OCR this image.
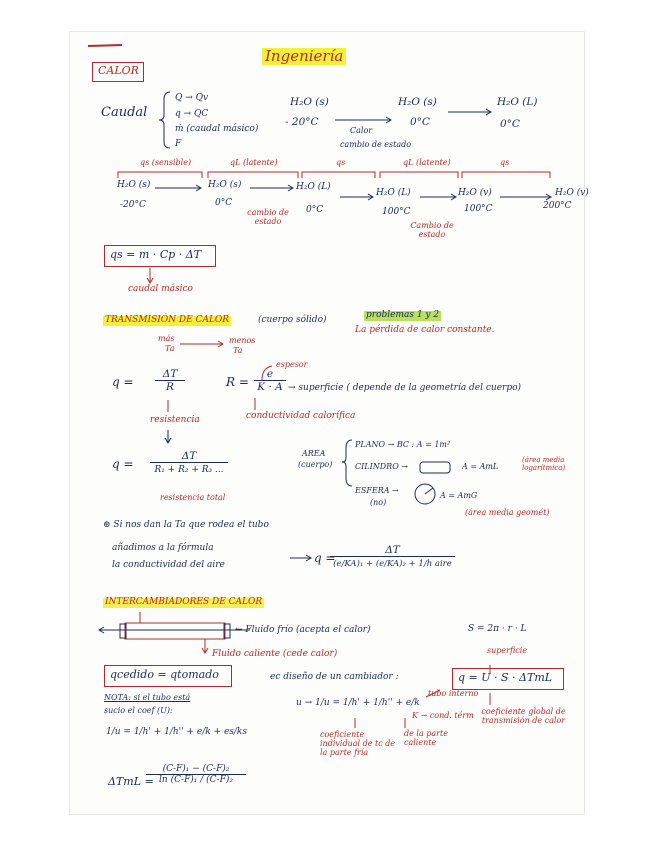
Ingeniería
CALOR
Caudal
Q → Qv
q → QC
ṁ (caudal másico)
F
H₂O (s)
- 20°C
H₂O (s)
0°C
H₂O (L)
0°C
Calor
cambio de estado
qs (sensible)	qL (latente)	qs	qL (latente)	qs
H₂O (s)
-20°C
H₂O (s)
0°C
H₂O (L)
0°C
H₂O (L)
100°C
H₂O (v)
100°C
H₂O (v)
200°C
cambio de estado	Cambio de estado
qs = m · Cp · ΔT
caudal másico
TRANSMISIÓN DE CALOR	(cuerpo sólido)	problemas 1 y 2
La pérdida de calor constante.
más
Ta
menos
Ta
$q = \frac{\Delta T}{R}$	$R = \frac{e}{K \cdot A}$
espesor
→ superficie ( depende de la geometría del cuerpo)
conductividad calorífica
resistencia
$q = \frac{\Delta T}{\text{R₁ + R₂ + R₃ ...}}$
resistencia total
AREA
(cuerpo)
PLANO → BC : A = 1m²
CILINDRO →	A = AmL
(área media logarítmica)
ESFERA →
(no)
A = AmG
(área media geomét)
⊛ Si nos dan la Ta que rodea el tubo
añadimos a la fórmula
la conductividad del aire	q =
ΔT
(e/KA)₁ + (e/KA)₂ + 1/h aire
INTERCAMBIADORES DE CALOR
← Fluido frío (acepta el calor)	S = 2π · r · L
Fluido caliente (cede calor)	superficie
qcedido = qtomado	ec diseño de un cambiador :	q = U · S · ΔTmL
NOTA: si el tubo está
sucio el coef (U):
1/u = 1/h' + 1/h'' + e/k + es/ks
u → 1/u = 1/h' + 1/h'' + e/k
tubo interno
K → cond. térm
coeficiente individual de tc de la parte fría
de la parte caliente
coeficiente global de transmisión de calor
ΔTmL =
$\frac{\text{(C-F)₁ − (C-F)₂}}{\text{ln (C-F)₁ / (C-F)₂}}$
